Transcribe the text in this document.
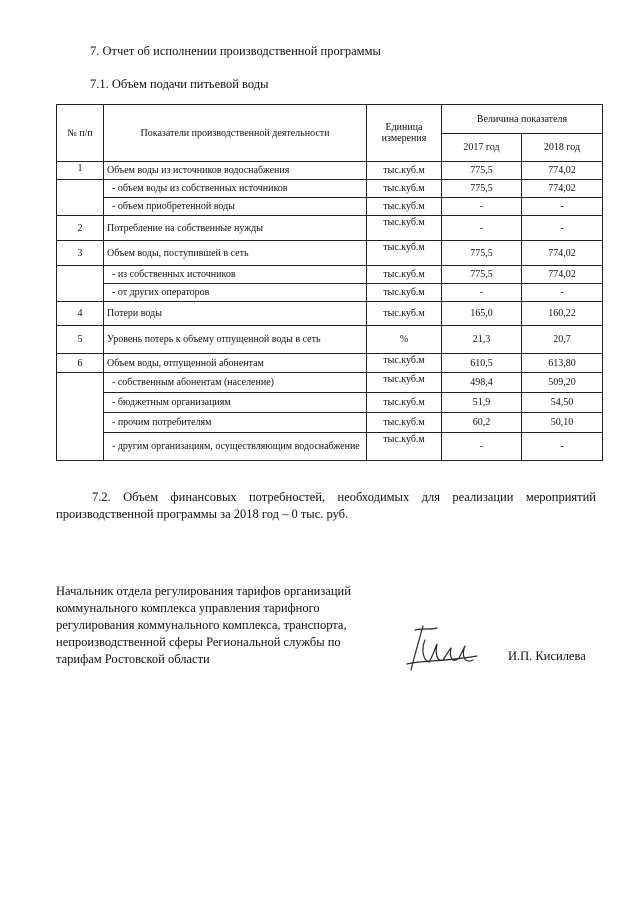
7. Отчет об исполнении производственной программы
7.1. Объем подачи питьевой воды
№ п/п	Показатели производственной деятельности	Единица измерения	Величина показателя	
			2017 год	2018 год
1	Объем воды из источников водоснабжения	тыс.куб.м	775,5	774,02
	- объем воды из собственных источников	тыс.куб.м	775,5	774,02
	- объем приобретенной воды	тыс.куб.м	-	-
2	Потребление на собственные нужды	тыс.куб.м	-	-
3	Объем воды, поступившей в сеть	тыс.куб.м	775,5	774,02
	- из собственных источников	тыс.куб.м	775,5	774,02
	- от других операторов	тыс.куб.м	-	-
4	Потери воды	тыс.куб.м	165,0	160,22
5	Уровень потерь к объему отпущенной воды в сеть	%	21,3	20,7
6	Объем воды, отпущенной абонентам	тыс.куб.м	610,5	613,80
	- собственным абонентам (население)	тыс.куб.м	498,4	509,20
	- бюджетным организациям	тыс.куб.м	51,9	54,50
	- прочим потребителям	тыс.куб.м	60,2	50,10
	- другим организациям, осуществляющим водоснабжение	тыс.куб.м	-	-
7.2. Объем финансовых потребностей, необходимых для реализации мероприятий производственной программы за 2018 год – 0 тыс. руб.
Начальник отдела регулирования тарифов организаций коммунального комплекса управления тарифного регулирования коммунального комплекса, транспорта, непроизводственной сферы Региональной службы по тарифам Ростовской области	И.П. Кисилева
